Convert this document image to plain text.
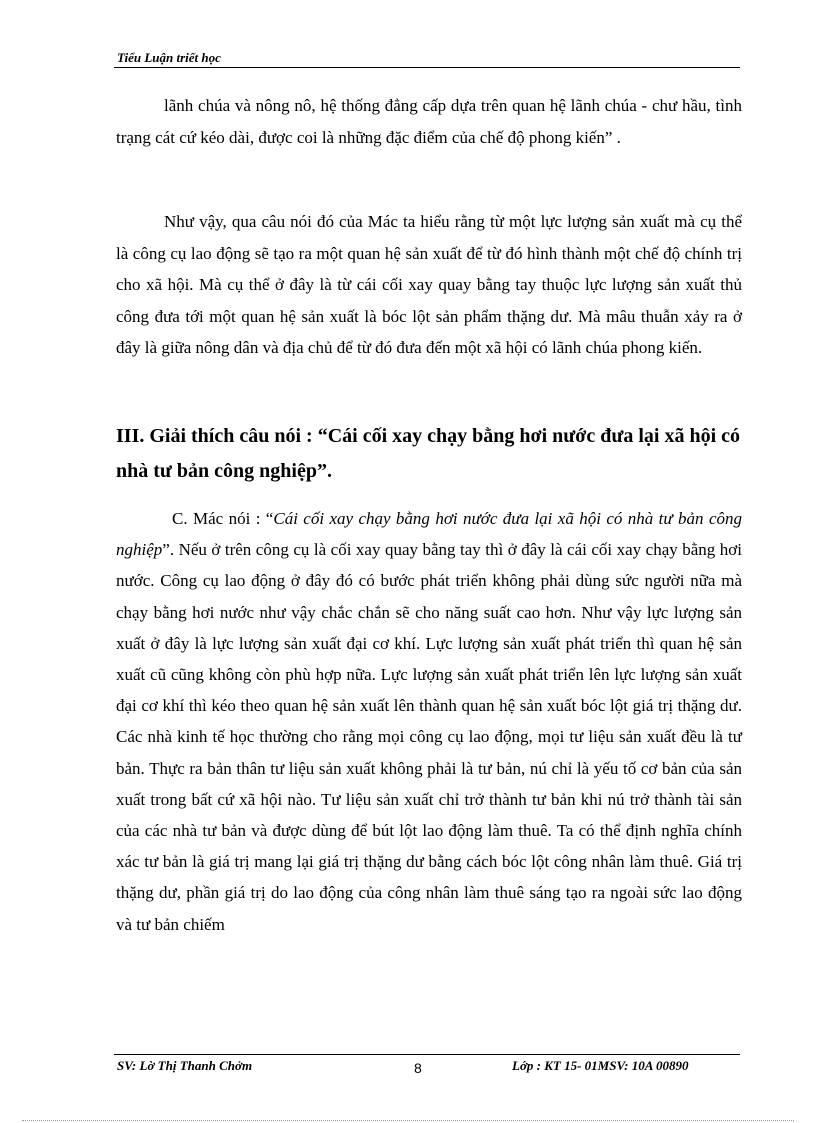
Tiểu Luận triết học

lãnh chúa và nông nô, hệ thống đẳng cấp dựa trên quan hệ lãnh chúa - chư hầu, tình trạng cát cứ kéo dài, được coi là những đặc điểm của chế độ phong kiến” .

Như vậy, qua câu nói đó của Mác ta hiểu rằng từ một lực lượng sản xuất mà cụ thể là công cụ lao động sẽ tạo ra một quan hệ sản xuất để từ đó hình thành một chế độ chính trị cho xã hội. Mà cụ thể ở đây là từ cái cối xay quay bằng tay thuộc lực lượng sản xuất thủ công đưa tới một quan hệ sản xuất là bóc lột sản phẩm thặng dư. Mà mâu thuẫn xảy ra ở đây là giữa nông dân và địa chủ để từ đó đưa đến một xã hội có lãnh chúa phong kiến.

III. Giải thích câu nói : “Cái cối xay chạy bằng hơi nước đưa lại xã hội có nhà tư bản công nghiệp”.

C. Mác nói : “Cái cối xay chạy bằng hơi nước đưa lại xã hội có nhà tư bản công nghiệp”. Nếu ở trên công cụ là cối xay quay bằng tay thì ở đây là cái cối xay chạy bằng hơi nước. Công cụ lao động ở đây đó có bước phát triển không phải dùng sức người nữa mà chạy bằng hơi nước như vậy chắc chắn sẽ cho năng suất cao hơn. Như vậy lực lượng sản xuất ở đây là lực lượng sản xuất đại cơ khí. Lực lượng sản xuất phát triển thì quan hệ sản xuất cũ cũng không còn phù hợp nữa. Lực lượng sản xuất phát triển lên lực lượng sản xuất đại cơ khí thì kéo theo quan hệ sản xuất lên thành quan hệ sản xuất bóc lột giá trị thặng dư. Các nhà kinh tế học thường cho rằng mọi công cụ lao động, mọi tư liệu sản xuất đều là tư bản. Thực ra bản thân tư liệu sản xuất không phải là tư bản, nú chỉ là yếu tố cơ bản của sản xuất trong bất cứ xã hội nào. Tư liệu sản xuất chỉ trở thành tư bản khi nú trở thành tài sản của các nhà tư bản và được dùng để bút lột lao động làm thuê. Ta có thể định nghĩa chính xác tư bản là giá trị mang lại giá trị thặng dư bằng cách bóc lột công nhân làm thuê. Giá trị thặng dư, phần giá trị do lao động của công nhân làm thuê sáng tạo ra ngoài sức lao động và tư bản chiếm

SV: Lờ Thị Thanh Chởm	8	Lớp : KT 15- 01MSV: 10A 00890
